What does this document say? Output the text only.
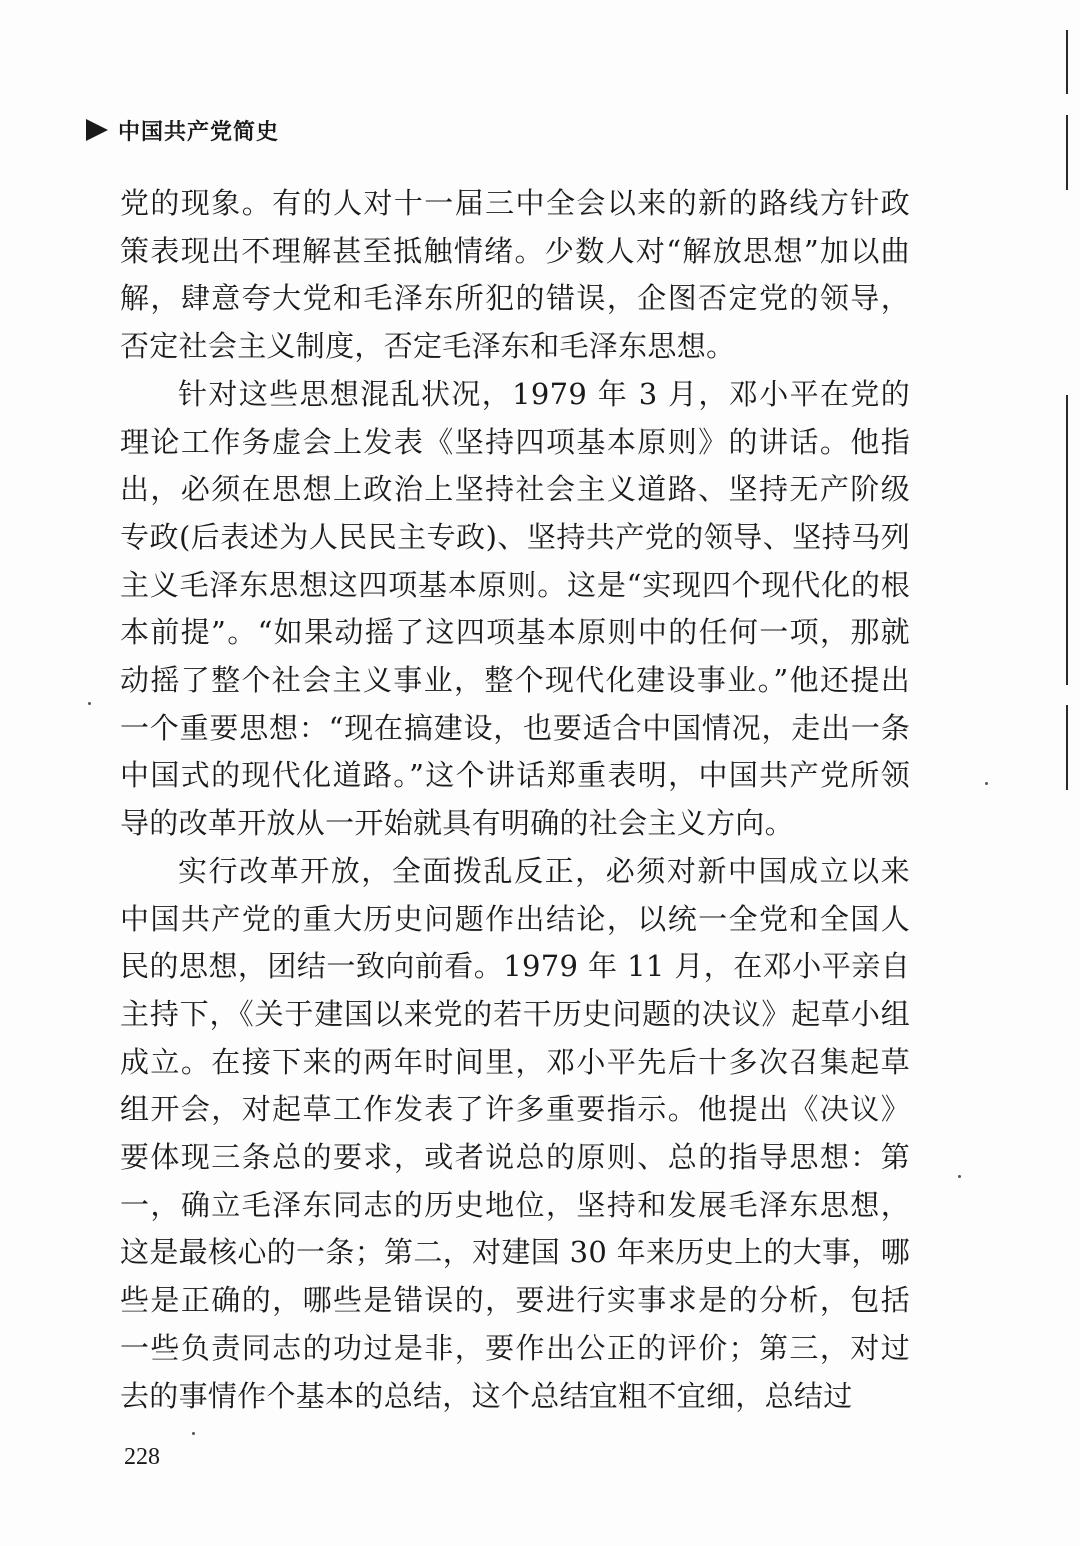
中国共产党简史

党的现象。有的人对十一届三中全会以来的新的路线方针政策表现出不理解甚至抵触情绪。少数人对“解放思想”加以曲解，肆意夸大党和毛泽东所犯的错误，企图否定党的领导，否定社会主义制度，否定毛泽东和毛泽东思想。

针对这些思想混乱状况，1979 年 3 月，邓小平在党的理论工作务虚会上发表《坚持四项基本原则》的讲话。他指出，必须在思想上政治上坚持社会主义道路、坚持无产阶级专政(后表述为人民民主专政)、坚持共产党的领导、坚持马列主义毛泽东思想这四项基本原则。这是“实现四个现代化的根本前提”。“如果动摇了这四项基本原则中的任何一项，那就动摇了整个社会主义事业，整个现代化建设事业。”他还提出一个重要思想：“现在搞建设，也要适合中国情况，走出一条中国式的现代化道路。”这个讲话郑重表明，中国共产党所领导的改革开放从一开始就具有明确的社会主义方向。

实行改革开放，全面拨乱反正，必须对新中国成立以来中国共产党的重大历史问题作出结论，以统一全党和全国人民的思想，团结一致向前看。1979 年 11 月，在邓小平亲自主持下，《关于建国以来党的若干历史问题的决议》起草小组成立。在接下来的两年时间里，邓小平先后十多次召集起草组开会，对起草工作发表了许多重要指示。他提出《决议》要体现三条总的要求，或者说总的原则、总的指导思想：第一，确立毛泽东同志的历史地位，坚持和发展毛泽东思想，这是最核心的一条；第二，对建国 30 年来历史上的大事，哪些是正确的，哪些是错误的，要进行实事求是的分析，包括一些负责同志的功过是非，要作出公正的评价；第三，对过去的事情作个基本的总结，这个总结宜粗不宜细，总结过

228
